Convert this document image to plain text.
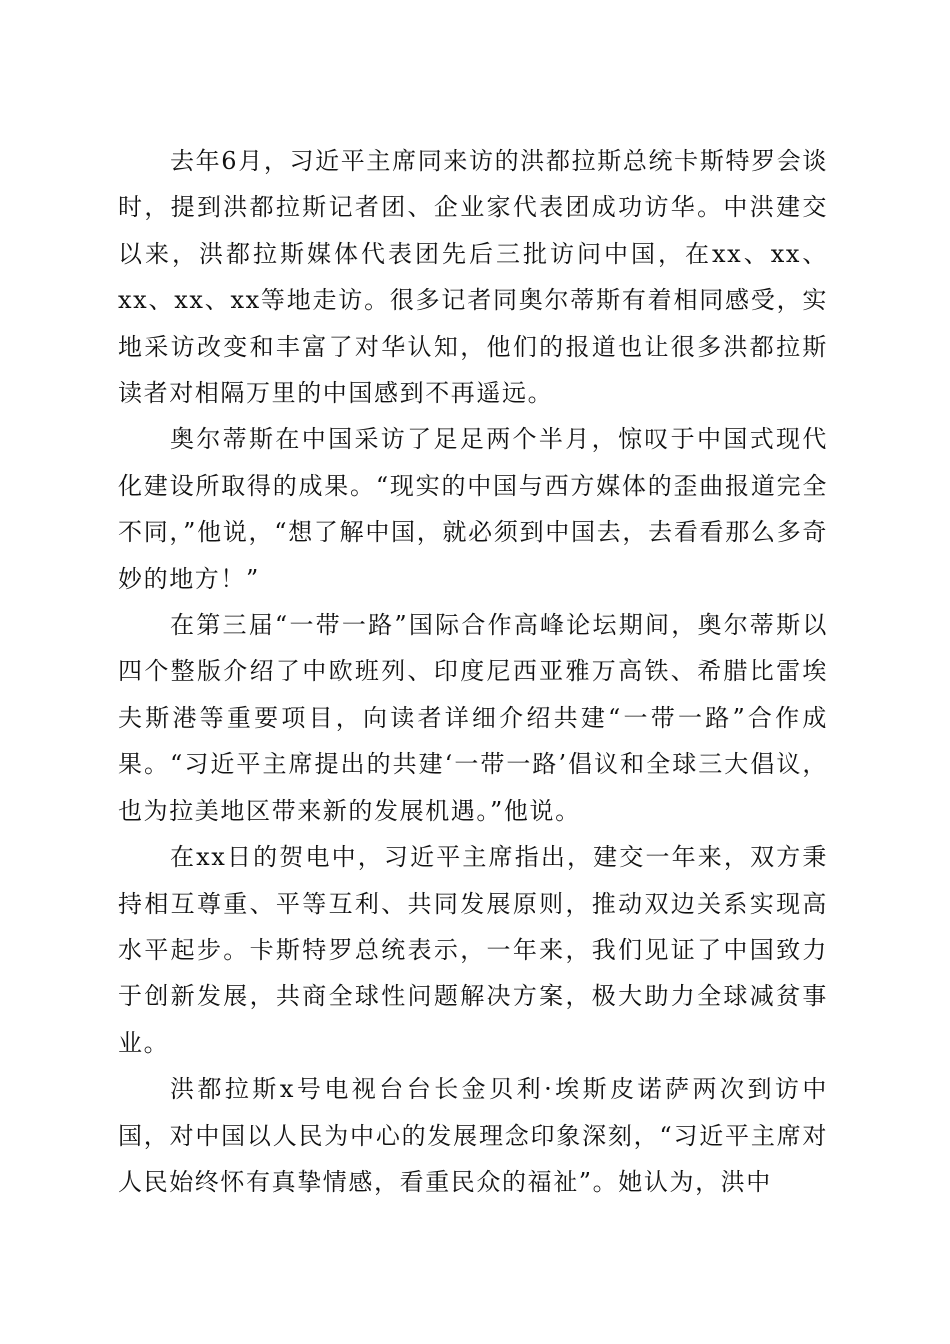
去年6月，习近平主席同来访的洪都拉斯总统卡斯特罗会谈时，提到洪都拉斯记者团、企业家代表团成功访华。中洪建交以来，洪都拉斯媒体代表团先后三批访问中国，在xx、xx、xx、xx、xx等地走访。很多记者同奥尔蒂斯有着相同感受，实地采访改变和丰富了对华认知，他们的报道也让很多洪都拉斯读者对相隔万里的中国感到不再遥远。

奥尔蒂斯在中国采访了足足两个半月，惊叹于中国式现代化建设所取得的成果。“现实的中国与西方媒体的歪曲报道完全不同，”他说，“想了解中国，就必须到中国去，去看看那么多奇妙的地方！”

在第三届“一带一路”国际合作高峰论坛期间，奥尔蒂斯以四个整版介绍了中欧班列、印度尼西亚雅万高铁、希腊比雷埃夫斯港等重要项目，向读者详细介绍共建“一带一路”合作成果。“习近平主席提出的共建‘一带一路’倡议和全球三大倡议，也为拉美地区带来新的发展机遇。”他说。

在xx日的贺电中，习近平主席指出，建交一年来，双方秉持相互尊重、平等互利、共同发展原则，推动双边关系实现高水平起步。卡斯特罗总统表示，一年来，我们见证了中国致力于创新发展，共商全球性问题解决方案，极大助力全球减贫事业。

洪都拉斯x号电视台台长金贝利·埃斯皮诺萨两次到访中国，对中国以人民为中心的发展理念印象深刻，“习近平主席对人民始终怀有真挚情感，看重民众的福祉”。她认为，洪中
